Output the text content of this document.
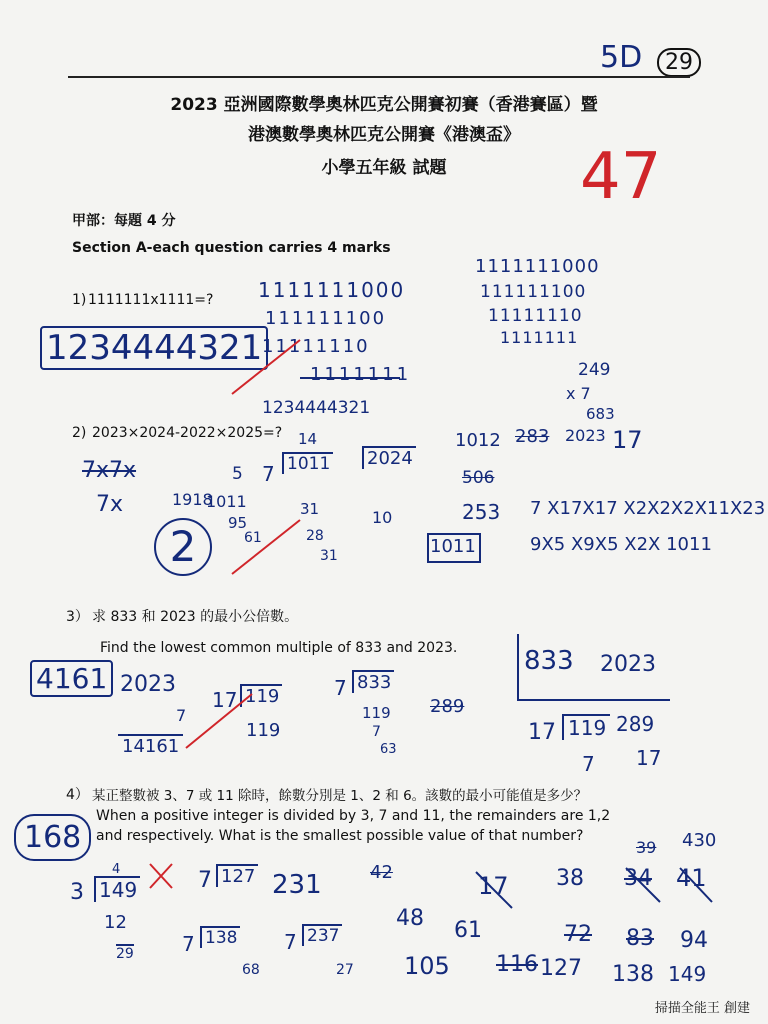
5D	29
2023 亞洲國際數學奧林匹克公開賽初賽（香港賽區）暨
港澳數學奧林匹克公開賽《港澳盃》
小學五年級 試題	47
甲部：每題 4 分
Section A-each question carries 4 marks
1) 1111111x1111=?
1234444321
1111111000
111111100
11111110
1111111
1234444321
249
x 7
683
1111111000
111111100
11111110
1111111
2) 2023×2024-2022×2025=?
7x7x
7x
2
14
5 7 1011 2024
1012
506
253
283 2023 17
1918
1011
95
61
31
28
31
10	7 X17X17 X2X2X2X11X23
9X5 X9X5 X2X 1011
1011
3） 求 833 和 2023 的最小公倍數。
Find the lowest common multiple of 833 and 2023.
4161 2023
7
14161
17 119
119
7 833
119
7
63
289
833 2023
17 119 289
7 17
4） 某正整數被 3、7 或 11 除時，餘數分別是 1、2 和 6。該數的最小可能值是多少？
When a positive integer is divided by 3, 7 and 11, the remainders are 1,2
and respectively. What is the smallest possible value of that number?
168
4
3 149
12
29
7 127 231	42	17 38 34 41
39 430
7 138
68
7 237
27
48 61
105 116 127
72 83 94
138 149
掃描全能王 創建
